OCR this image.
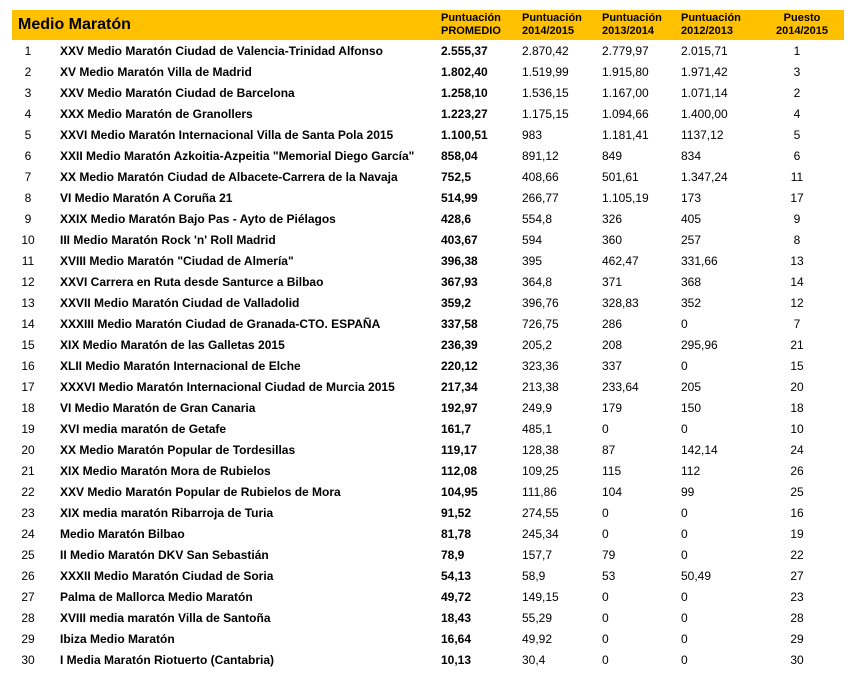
Medio Maratón	Puntuación
PROMEDIO
Puntuación
2014/2015
Puntuación
2013/2014
Puntuación
2012/2013
Puesto
2014/2015
1	XXV Medio Maratón Ciudad de Valencia-Trinidad Alfonso	2.555,37	2.870,42	2.779,97	2.015,71	1
2	XV Medio Maratón Villa de Madrid	1.802,40	1.519,99	1.915,80	1.971,42	3
3	XXV Medio Maratón Ciudad de Barcelona	1.258,10	1.536,15	1.167,00	1.071,14	2
4	XXX Medio Maratón de Granollers	1.223,27	1.175,15	1.094,66	1.400,00	4
5	XXVI Medio Maratón Internacional Villa de Santa Pola 2015	1.100,51	983	1.181,41	1137,12	5
6	XXII Medio Maratón Azkoitia-Azpeitia "Memorial Diego García" 858,04	891,12	849	834	6
7	XX Medio Maratón Ciudad de Albacete-Carrera de la Navaja	752,5	408,66	501,61	1.347,24	11
8	VI Medio Maratón A Coruña 21	514,99	266,77	1.105,19	173	17
9	XXIX Medio Maratón Bajo Pas - Ayto de Piélagos	428,6	554,8	326	405	9
10	III Medio Maratón Rock 'n' Roll Madrid	403,67	594	360	257	8
11	XVIII Medio Maratón "Ciudad de Almería"	396,38	395	462,47	331,66	13
12	XXVI Carrera en Ruta desde Santurce a Bilbao	367,93	364,8	371	368	14
13	XXVII Medio Maratón Ciudad de Valladolid	359,2	396,76	328,83	352	12
14	XXXIII Medio Maratón Ciudad de Granada-CTO. ESPAÑA	337,58	726,75	286	0	7
15	XIX Medio Maratón de las Galletas 2015	236,39	205,2	208	295,96	21
16	XLII Medio Maratón Internacional de Elche	220,12	323,36	337	0	15
17	XXXVI Medio Maratón Internacional Ciudad de Murcia 2015	217,34	213,38	233,64	205	20
18	VI Medio Maratón de Gran Canaria	192,97	249,9	179	150	18
19	XVI media maratón de Getafe	161,7	485,1	0	0	10
20	XX Medio Maratón Popular de Tordesillas	119,17	128,38	87	142,14	24
21	XIX Medio Maratón Mora de Rubielos	112,08	109,25	115	112	26
22	XXV Medio Maratón Popular de Rubielos de Mora	104,95	111,86	104	99	25
23	XIX media maratón Ribarroja de Turia	91,52	274,55	0	0	16
24	Medio Maratón Bilbao	81,78	245,34	0	0	19
25	II Medio Maratón DKV San Sebastián	78,9	157,7	79	0	22
26	XXXII Medio Maratón Ciudad de Soria	54,13	58,9	53	50,49	27
27	Palma de Mallorca Medio Maratón	49,72	149,15	0	0	23
28	XVIII media maratón Villa de Santoña	18,43	55,29	0	0	28
29	Ibiza Medio Maratón	16,64	49,92	0	0	29
30	I Media Maratón Riotuerto (Cantabria)	10,13	30,4	0	0	30
